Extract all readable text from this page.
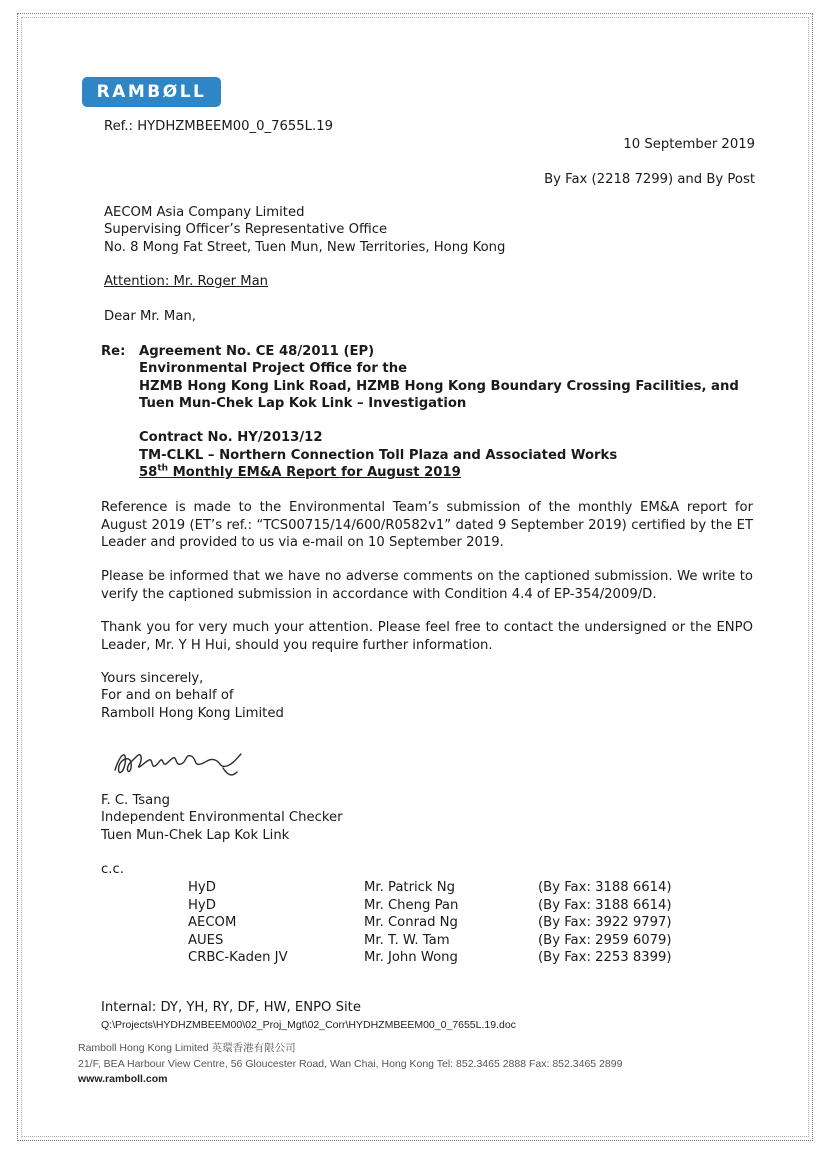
RAMBØLL
Ref.: HYDHZMBEEM00_0_7655L.19
10 September 2019
By Fax (2218 7299) and By Post
AECOM Asia Company Limited
Supervising Officer’s Representative Office
No. 8 Mong Fat Street, Tuen Mun, New Territories, Hong Kong
Attention: Mr. Roger Man
Dear Mr. Man,
Re: Agreement No. CE 48/2011 (EP)
Environmental Project Office for the
HZMB Hong Kong Link Road, HZMB Hong Kong Boundary Crossing Facilities, and
Tuen Mun-Chek Lap Kok Link – Investigation
Contract No. HY/2013/12
TM-CLKL – Northern Connection Toll Plaza and Associated Works
58th Monthly EM&A Report for August 2019
Reference is made to the Environmental Team’s submission of the monthly EM&A report for August 2019 (ET’s ref.: “TCS00715/14/600/R0582v1” dated 9 September 2019) certified by the ET Leader and provided to us via e-mail on 10 September 2019.
Please be informed that we have no adverse comments on the captioned submission. We write to verify the captioned submission in accordance with Condition 4.4 of EP-354/2009/D.
Thank you for very much your attention. Please feel free to contact the undersigned or the ENPO Leader, Mr. Y H Hui, should you require further information.
Yours sincerely,
For and on behalf of
Ramboll Hong Kong Limited
F. C. Tsang
Independent Environmental Checker
Tuen Mun-Chek Lap Kok Link
c.c.
HyD	Mr. Patrick Ng	(By Fax: 3188 6614)
HyD	Mr. Cheng Pan	(By Fax: 3188 6614)
AECOM	Mr. Conrad Ng	(By Fax: 3922 9797)
AUES	Mr. T. W. Tam	(By Fax: 2959 6079)
CRBC-Kaden JV	Mr. John Wong	(By Fax: 2253 8399)
Internal: DY, YH, RY, DF, HW, ENPO Site
Q:\Projects\HYDHZMBEEM00\02_Proj_Mgt\02_Corr\HYDHZMBEEM00_0_7655L.19.doc
Ramboll Hong Kong Limited 英環香港有限公司
21/F, BEA Harbour View Centre, 56 Gloucester Road, Wan Chai, Hong Kong Tel: 852.3465 2888 Fax: 852.3465 2899
www.ramboll.com
